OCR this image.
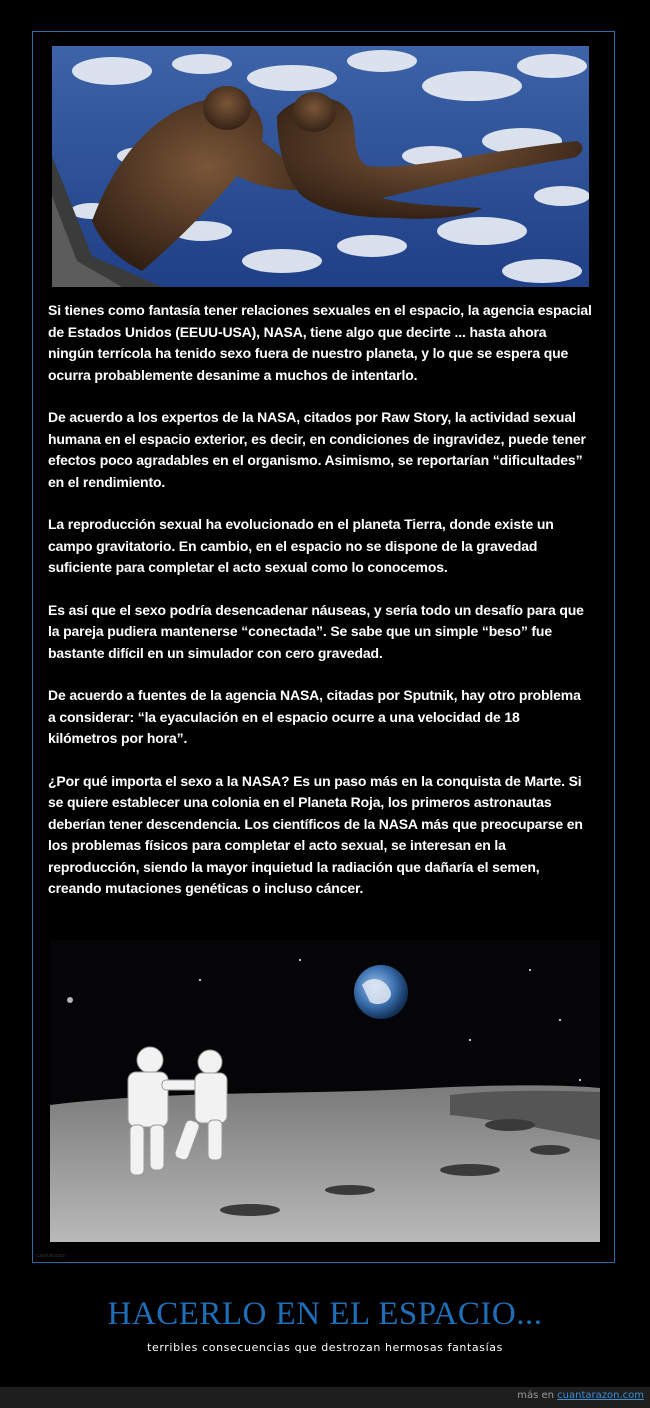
Si tienes como fantasía tener relaciones sexuales en el espacio, la agencia espacial de Estados Unidos (EEUU-USA), NASA, tiene algo que decirte ... hasta ahora ningún terrícola ha tenido sexo fuera de nuestro planeta, y lo que se espera que ocurra probablemente desanime a muchos de intentarlo.

De acuerdo a los expertos de la NASA, citados por Raw Story, la actividad sexual humana en el espacio exterior, es decir, en condiciones de ingravidez, puede tener efectos poco agradables en el organismo. Asimismo, se reportarían “dificultades” en el rendimiento.

La reproducción sexual ha evolucionado en el planeta Tierra, donde existe un campo gravitatorio. En cambio, en el espacio no se dispone de la gravedad suficiente para completar el acto sexual como lo conocemos.

Es así que el sexo podría desencadenar náuseas, y sería todo un desafío para que la pareja pudiera mantenerse “conectada”. Se sabe que un simple “beso” fue bastante difícil en un simulador con cero gravedad.

De acuerdo a fuentes de la agencia NASA, citadas por Sputnik, hay otro problema a considerar: “la eyaculación en el espacio ocurre a una velocidad de 18 kilómetros por hora”.

¿Por qué importa el sexo a la NASA? Es un paso más en la conquista de Marte. Si se quiere establecer una colonia en el Planeta Roja, los primeros astronautas deberían tener descendencia. Los científicos de la NASA más que preocuparse en los problemas físicos para completar el acto sexual, se interesan en la reproducción, siendo la mayor inquietud la radiación que dañaría el semen, creando mutaciones genéticas o incluso cáncer.

cuantarazon
HACERLO EN EL ESPACIO...
terribles consecuencias que destrozan hermosas fantasías
más en cuantarazon.com
